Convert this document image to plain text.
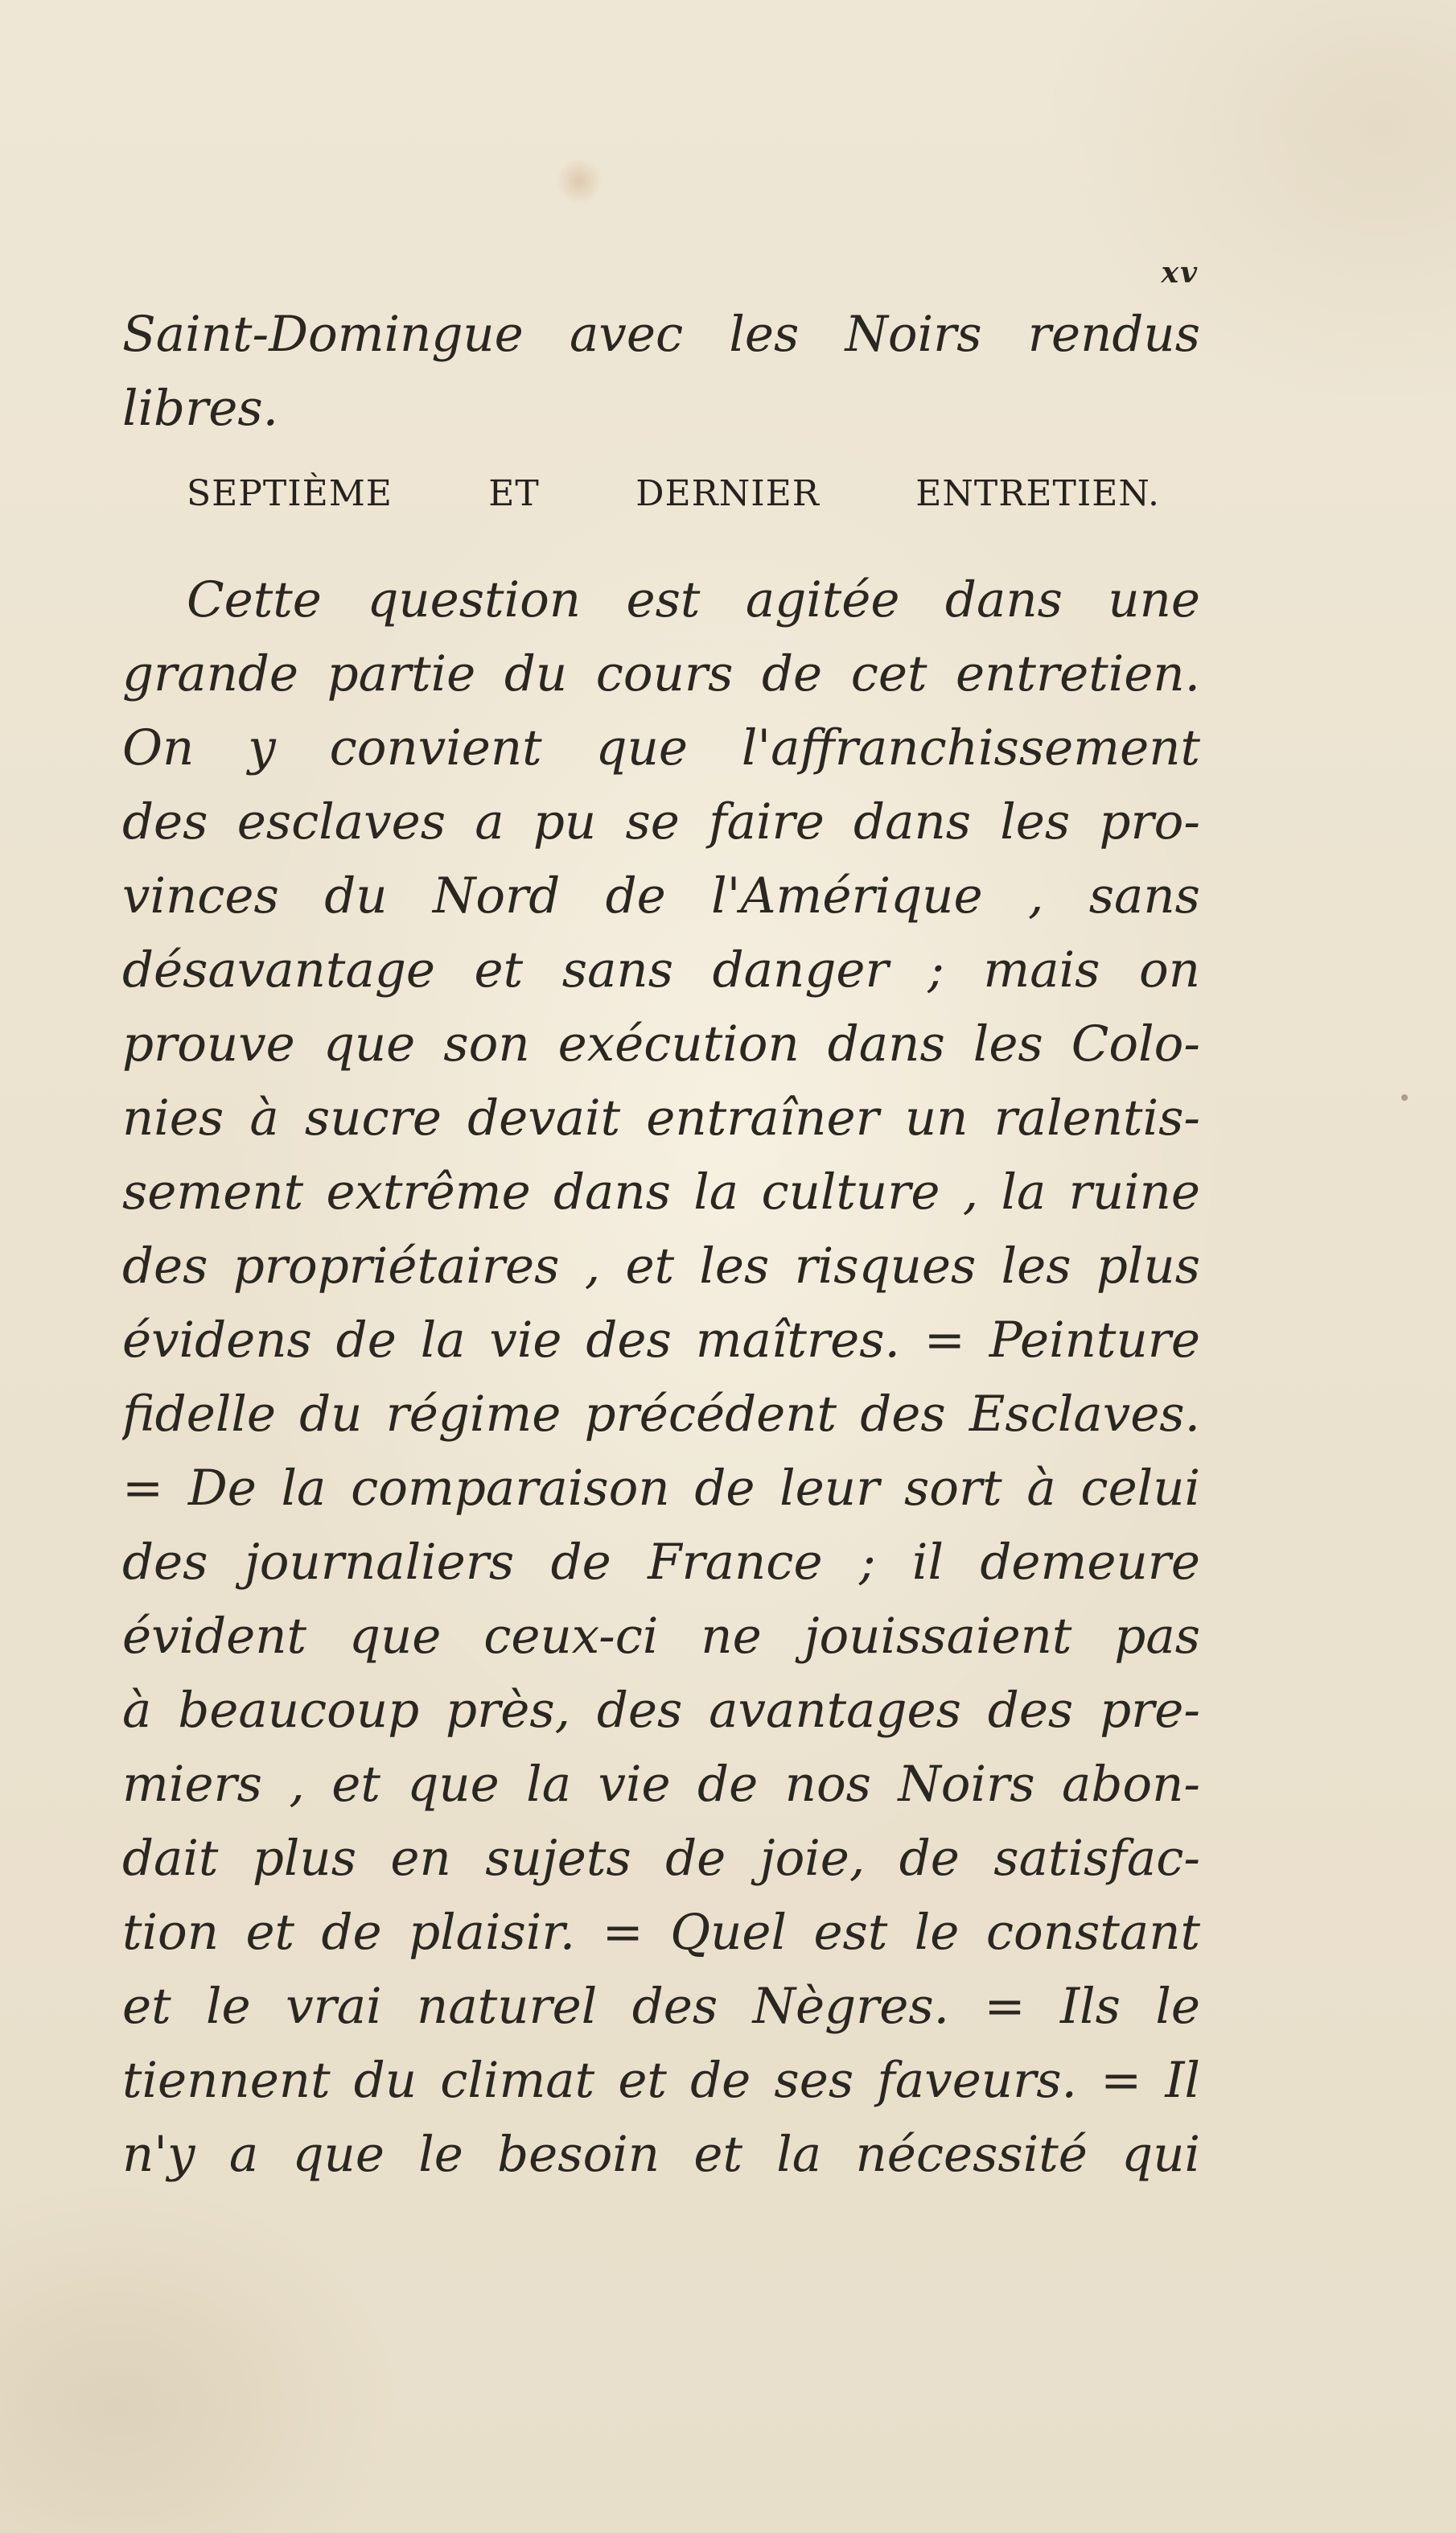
xv
Saint-Domingue avec les Noirs rendus
libres.
SEPTIÈME ET DERNIER ENTRETIEN.
Cette question est agitée dans une
grande partie du cours de cet entretien.
On y convient que l'affranchissement
des esclaves a pu se faire dans les pro-
vinces du Nord de l'Amérique , sans
désavantage et sans danger ; mais on
prouve que son exécution dans les Colo-
nies à sucre devait entraîner un ralentis-
sement extrême dans la culture , la ruine
des propriétaires , et les risques les plus
évidens de la vie des maîtres. = Peinture
fidelle du régime précédent des Esclaves.
= De la comparaison de leur sort à celui
des journaliers de France ; il demeure
évident que ceux-ci ne jouissaient pas
à beaucoup près, des avantages des pre-
miers , et que la vie de nos Noirs abon-
dait plus en sujets de joie, de satisfac-
tion et de plaisir. = Quel est le constant
et le vrai naturel des Nègres. = Ils le
tiennent du climat et de ses faveurs. = Il
n'y a que le besoin et la nécessité qui
